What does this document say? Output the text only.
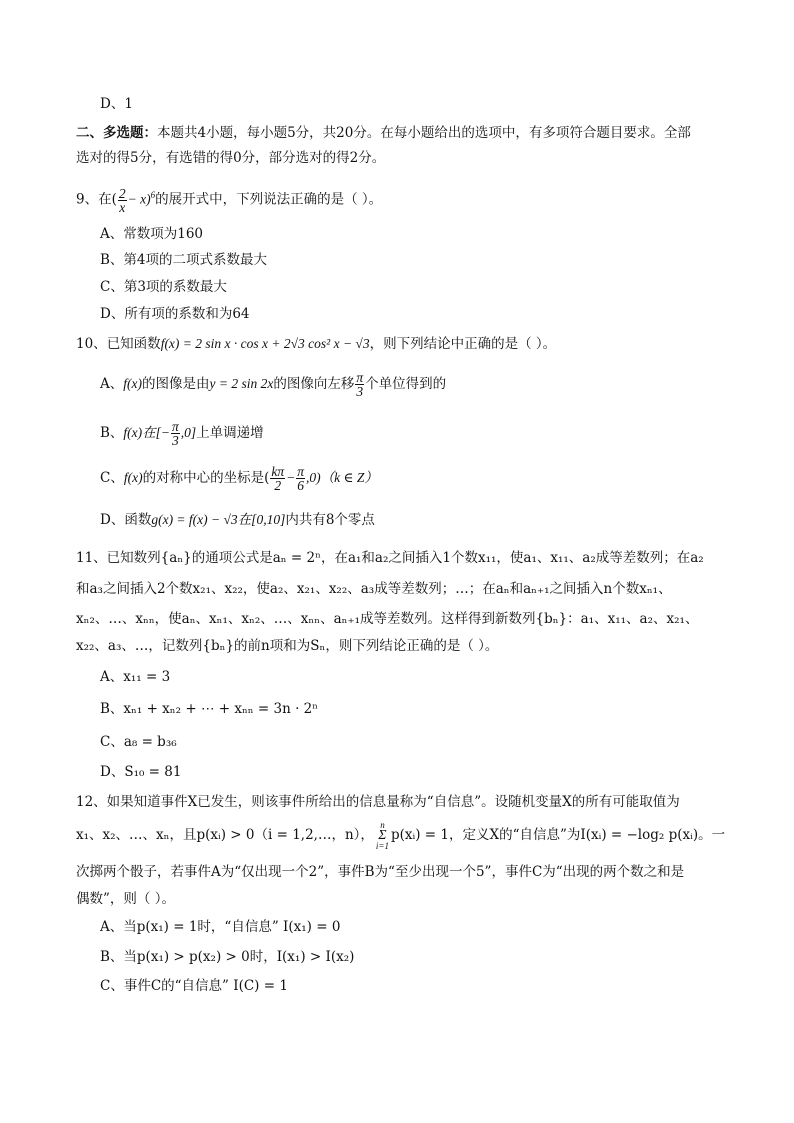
D、1
二、多选题：本题共4小题，每小题5分，共20分。在每小题给出的选项中，有多项符合题目要求。全部
选对的得5分，有选错的得0分，部分选对的得2分。
9、在( $\frac{2}{x} - x)^6$的展开式中，下列说法正确的是（ ）。
A、常数项为160
B、第4项的二项式系数最大
C、第3项的系数最大
D、所有项的系数和为64
10、已知函数f(x) = 2 sin x · cos x + 2√3 cos² x − √3，则下列结论中正确的是（ ）。
A、f(x)的图像是由y = 2 sin 2x的图像向左移 $\frac{\pi}{3}$ 个单位得到的
B、f(x)在[− $\frac{\pi}{3} ,0$]上单调递增
C、f(x)的对称中心的坐标是( $\frac{k\pi}{2} - \frac{\pi}{6} ,0)(k$ ∈ Z）
D、函数g(x) = f(x) − √3在[0,10]内共有8个零点
11、已知数列{aₙ}的通项公式是aₙ = 2ⁿ，在a₁和a₂之间插入1个数x₁₁，使a₁、x₁₁、a₂成等差数列；在a₂
和a₃之间插入2个数x₂₁、x₂₂，使a₂、x₂₁、x₂₂、a₃成等差数列；…；在aₙ和aₙ₊₁之间插入n个数xₙ₁、
xₙ₂、…、xₙₙ，使aₙ、xₙ₁、xₙ₂、…、xₙₙ、aₙ₊₁成等差数列。这样得到新数列{bₙ}：a₁、x₁₁、a₂、x₂₁、
x₂₂、a₃、…，记数列{bₙ}的前n项和为Sₙ，则下列结论正确的是（ ）。
A、x₁₁ = 3
B、xₙ₁ + xₙ₂ + ⋯ + xₙₙ = 3n · 2ⁿ
C、a₈ = b₃₆
D、S₁₀ = 81
12、如果知道事件X已发生，则该事件所给出的信息量称为“自信息”。设随机变量X的所有可能取值为
x₁、x₂、…、xₙ，且p(xᵢ) > 0（i = 1,2,…，n），
n
Σ
i=1
p(xᵢ) = 1，定义X的“自信息”为I(xᵢ) = −log₂ p(xᵢ)。一
次掷两个骰子，若事件A为“仅出现一个2”，事件B为“至少出现一个5”，事件C为“出现的两个数之和是
偶数”，则（ ）。
A、当p(x₁) = 1时，“自信息” I(x₁) = 0
B、当p(x₁) > p(x₂) > 0时，I(x₁) > I(x₂)
C、事件C的“自信息” I(C) = 1
